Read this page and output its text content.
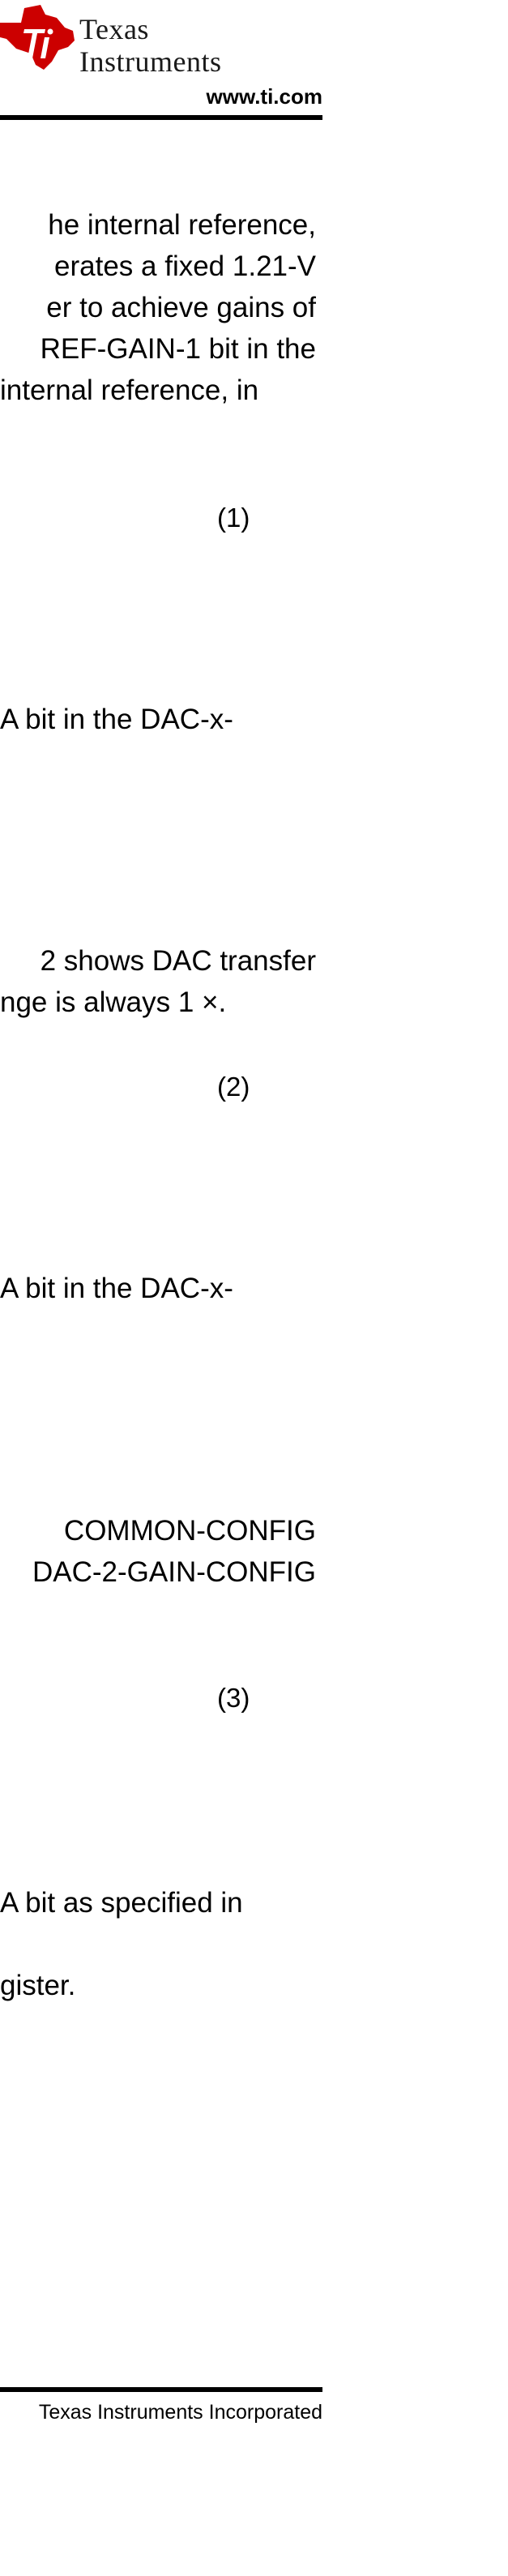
Texas
Instruments
www.ti.com
he internal reference,
erates a fixed 1.21-V
er to achieve gains of
REF-GAIN-1 bit in the
internal reference, in
(1)
A bit in the DAC-x-
2 shows DAC transfer
nge is always 1 ×.
(2)
A bit in the DAC-x-
COMMON-CONFIG
DAC-2-GAIN-CONFIG
(3)
A bit as specified in

gister.
Texas Instruments Incorporated
